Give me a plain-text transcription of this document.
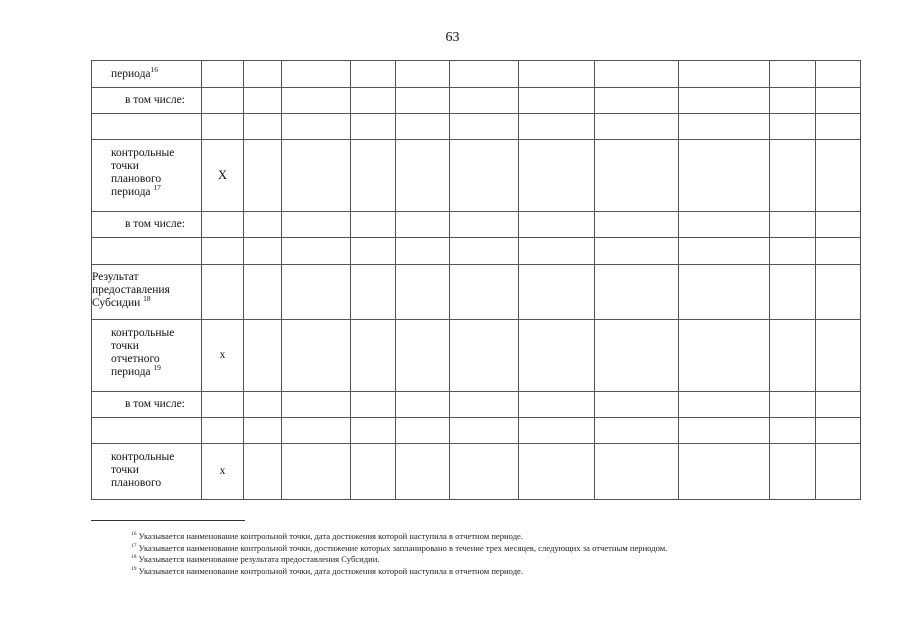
63
периода$^{16}$											
в том числе:											

контрольные
точки
планового
периода $^{17}$	X										
в том числе:											

Результат
предоставления
Субсидии $^{18}$											
контрольные
точки
отчетного
периода $^{19}$	x										
в том числе:											

контрольные
точки
планового	x										
$^{16}$ Указывается наименование контрольной точки, дата достижения которой наступила в отчетном периоде.
$^{17}$ Указывается наименование контрольной точки, достижение которых запланировано в течение трех месяцев, следующих за отчетным периодом.
$^{18}$ Указывается наименование результата предоставления Субсидии.
$^{19}$ Указывается наименование контрольной точки, дата достижения которой наступила в отчетном периоде.
